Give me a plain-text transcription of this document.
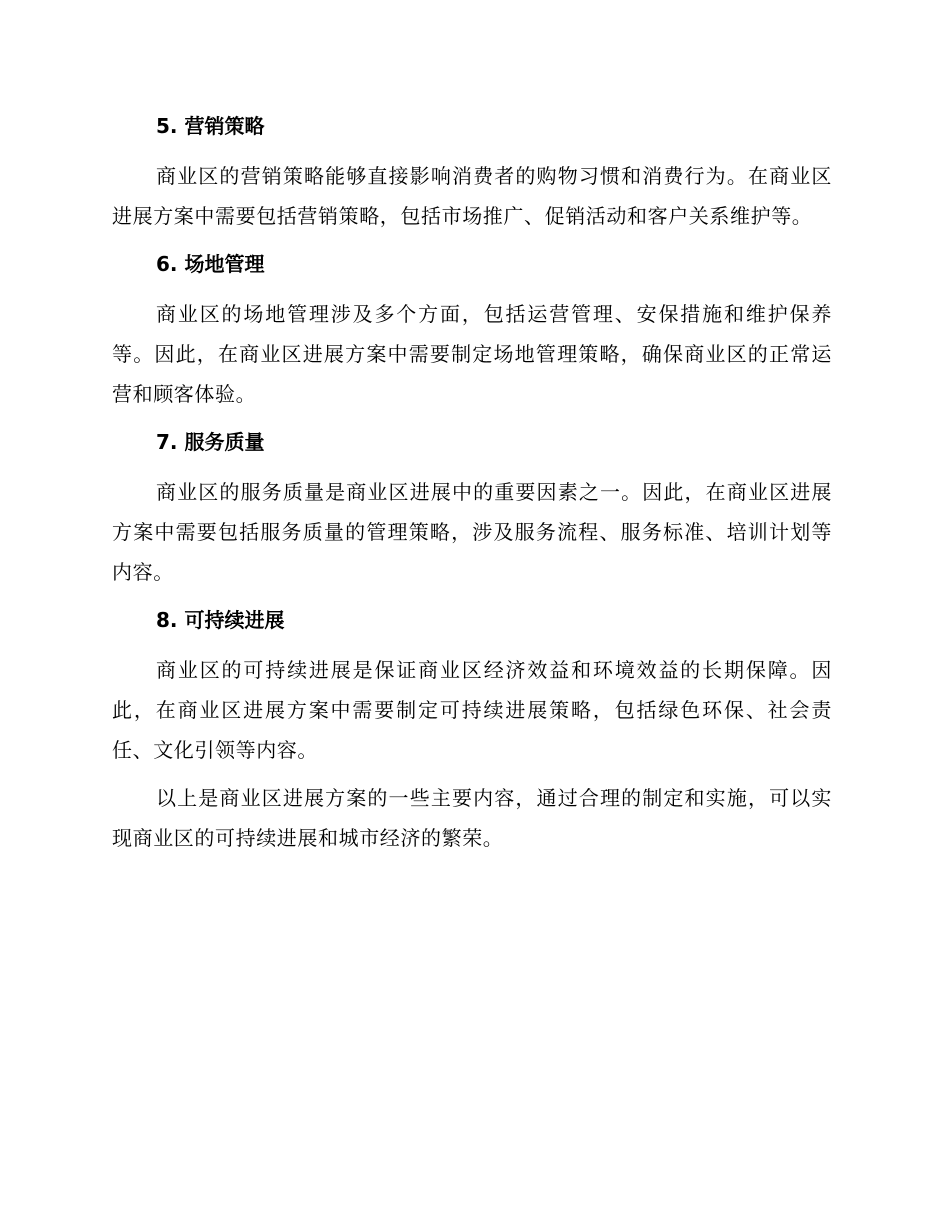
5. 营销策略

商业区的营销策略能够直接影响消费者的购物习惯和消费行为。在商业区进展方案中需要包括营销策略，包括市场推广、促销活动和客户关系维护等。

6. 场地管理

商业区的场地管理涉及多个方面，包括运营管理、安保措施和维护保养等。因此，在商业区进展方案中需要制定场地管理策略，确保商业区的正常运营和顾客体验。

7. 服务质量

商业区的服务质量是商业区进展中的重要因素之一。因此，在商业区进展方案中需要包括服务质量的管理策略，涉及服务流程、服务标准、培训计划等内容。

8. 可持续进展

商业区的可持续进展是保证商业区经济效益和环境效益的长期保障。因此，在商业区进展方案中需要制定可持续进展策略，包括绿色环保、社会责任、文化引领等内容。

以上是商业区进展方案的一些主要内容，通过合理的制定和实施，可以实现商业区的可持续进展和城市经济的繁荣。
